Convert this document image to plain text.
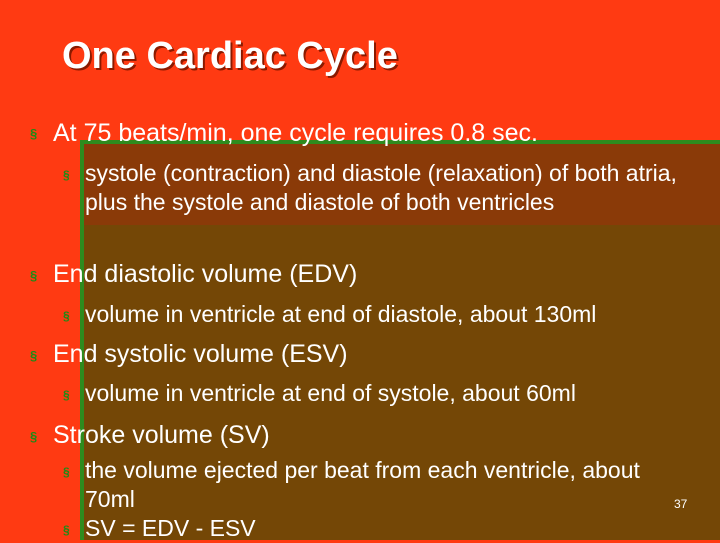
One Cardiac Cycle
§ At 75 beats/min, one cycle requires 0.8 sec.
§ systole (contraction) and diastole (relaxation) of both atria, plus the systole and diastole of both ventricles
§ End diastolic volume (EDV)
§ volume in ventricle at end of diastole, about 130ml
§ End systolic volume (ESV)
§ volume in ventricle at end of systole, about 60ml
§ Stroke volume (SV)
§ the volume ejected per beat from each ventricle, about 70ml
§ SV = EDV - ESV
37
